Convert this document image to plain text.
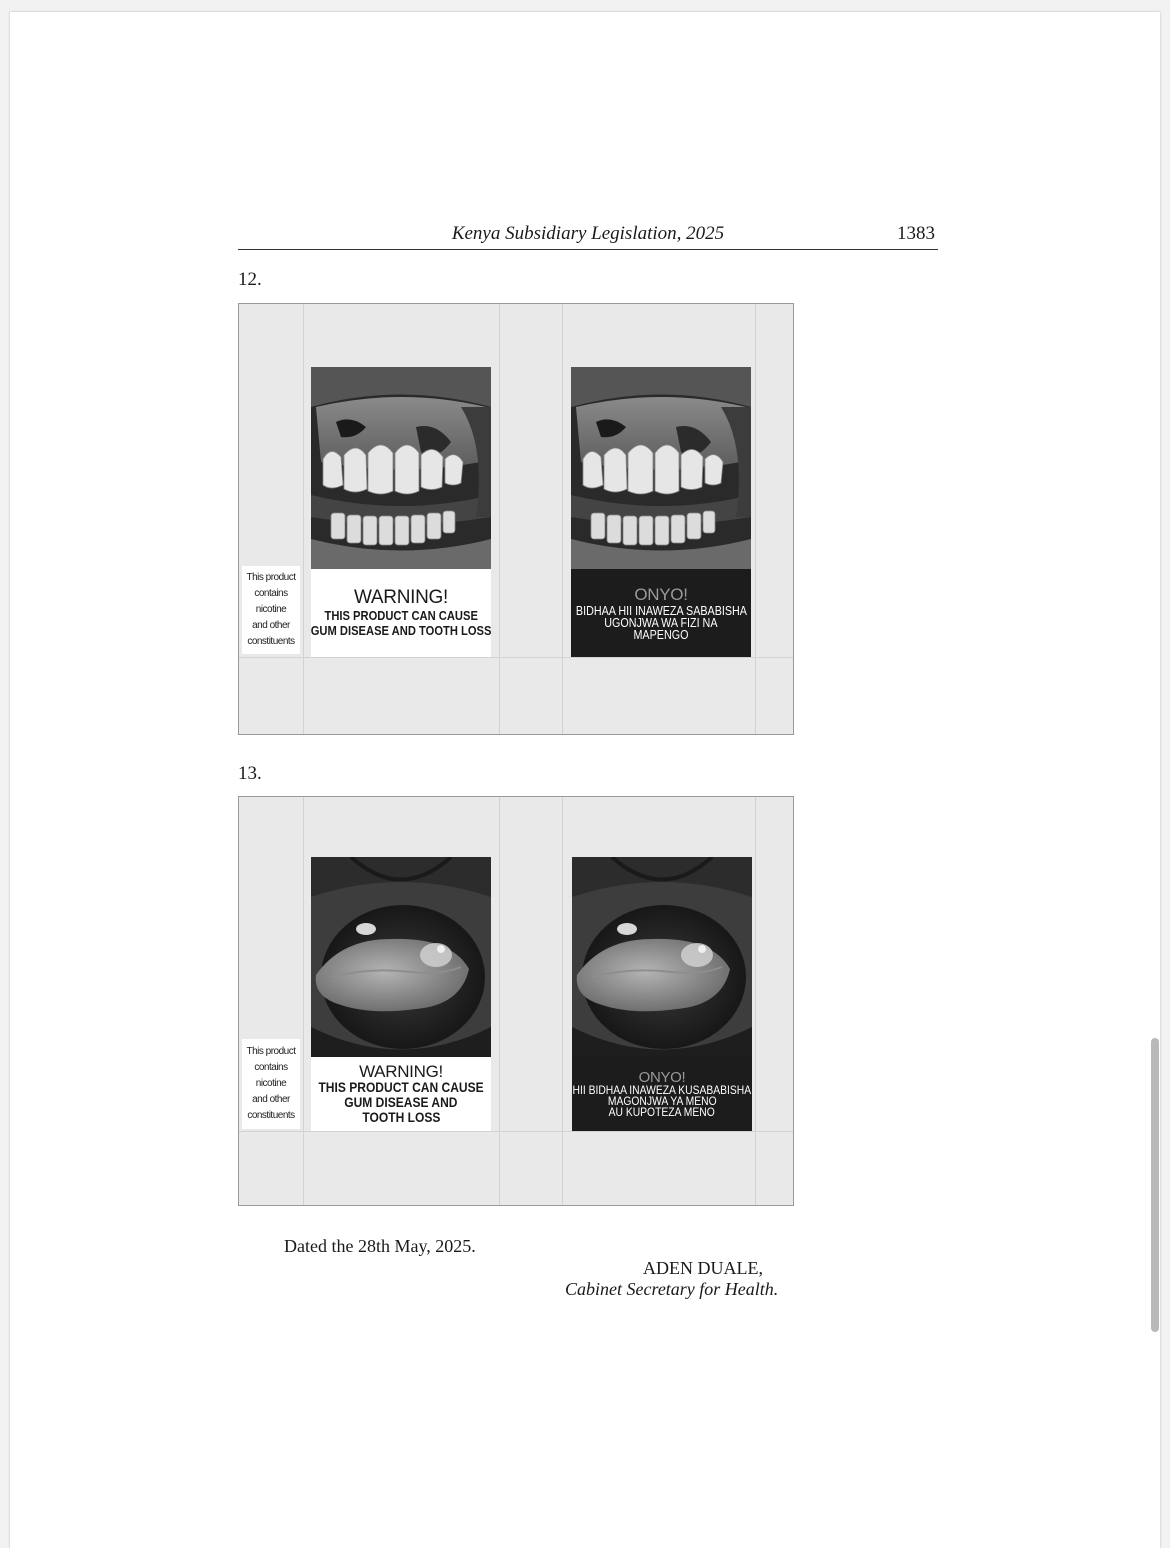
Kenya Subsidiary Legislation, 2025	1383
12.
This product
contains
nicotine
and other
constituents
WARNING!
THIS PRODUCT CAN CAUSE
GUM DISEASE AND TOOTH LOSS
ONYO!
BIDHAA HII INAWEZA SABABISHA
UGONJWA WA FIZI NA
MAPENGO
13.
This product
contains
nicotine
and other
constituents
WARNING!
THIS PRODUCT CAN CAUSE
GUM DISEASE AND
TOOTH LOSS
ONYO!
HII BIDHAA INAWEZA KUSABABISHA
MAGONJWA YA MENO
AU KUPOTEZA MENO
Dated the 28th May, 2025.
ADEN DUALE,
Cabinet Secretary for Health.
